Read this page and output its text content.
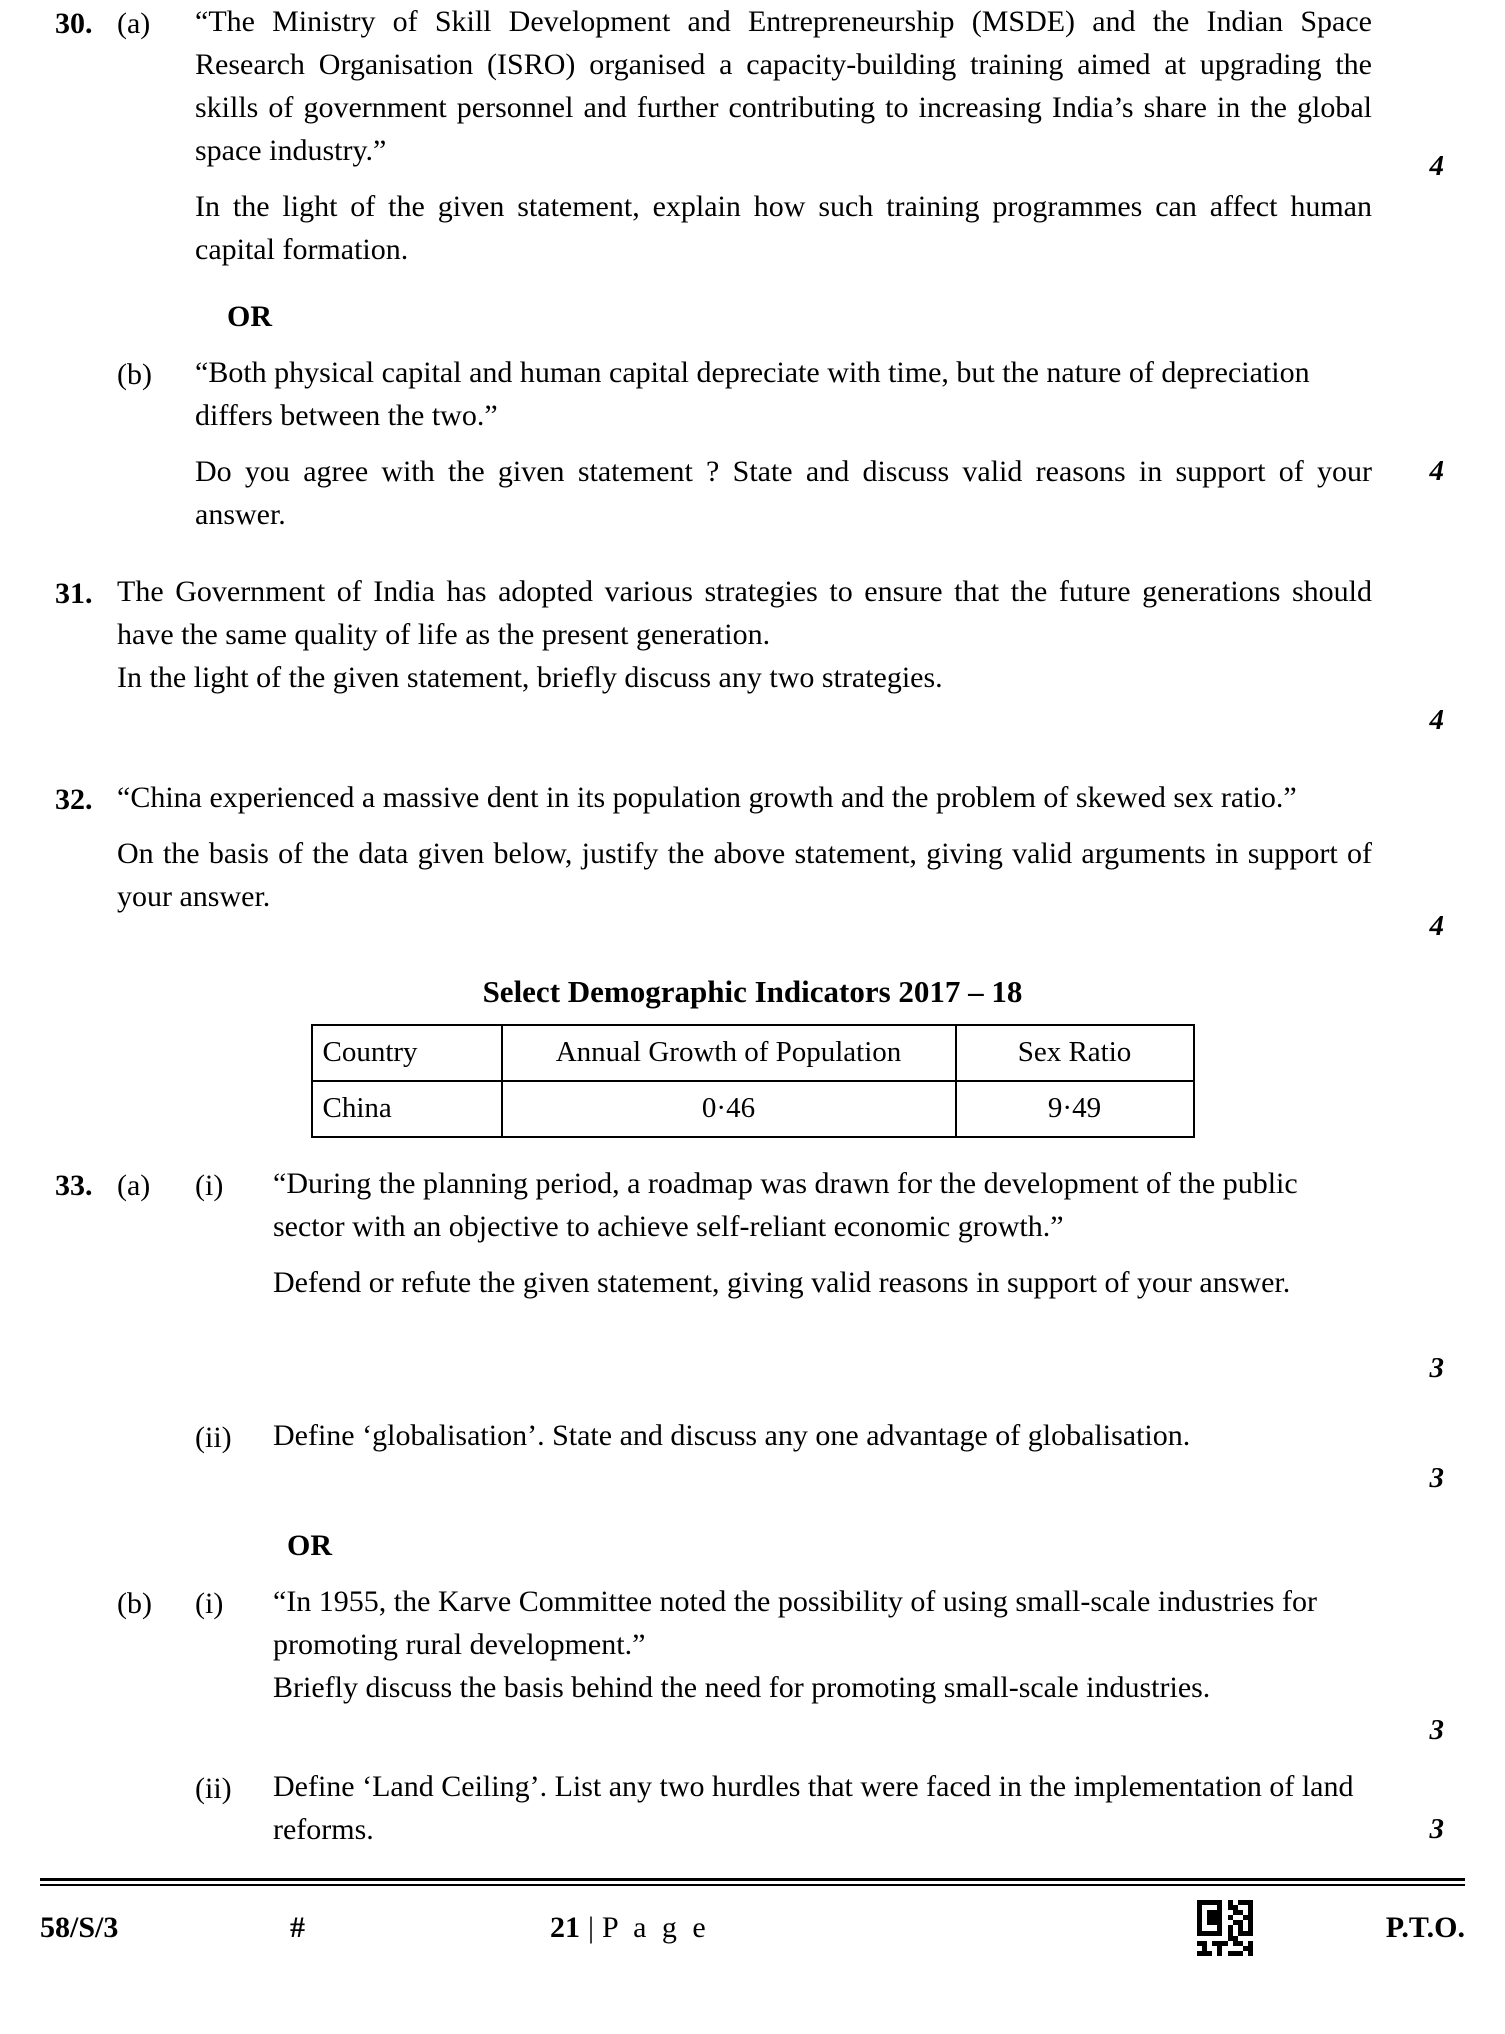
30. (a)	“The Ministry of Skill Development and Entrepreneurship (MSDE) and the Indian Space Research Organisation (ISRO) organised a capacity-building training aimed at upgrading the skills of government personnel and further contributing to increasing India’s share in the global space industry.”

In the light of the given statement, explain how such training programmes can affect human capital formation.

4
OR
(b)	“Both physical capital and human capital depreciate with time, but the nature of depreciation differs between the two.”

Do you agree with the given statement ? State and discuss valid reasons in support of your answer.

4
31. The Government of India has adopted various strategies to ensure that the future generations should have the same quality of life as the present generation.

In the light of the given statement, briefly discuss any two strategies.

4
32. “China experienced a massive dent in its population growth and the problem of skewed sex ratio.”

On the basis of the data given below, justify the above statement, giving valid arguments in support of your answer.

4

Select Demographic Indicators 2017 – 18

Country	Annual Growth of Population	Sex Ratio
China	0·46	9·49
33. (a)	(i)	“During the planning period, a roadmap was drawn for the development of the public sector with an objective to achieve self-reliant economic growth.”

Defend or refute the given statement, giving valid reasons in support of your answer.

3
(ii)	Define ‘globalisation’. State and discuss any one advantage of globalisation.

3
OR
(b)	(i)	“In 1955, the Karve Committee noted the possibility of using small-scale industries for promoting rural development.”

Briefly discuss the basis behind the need for promoting small-scale industries.

3
(ii)	Define ‘Land Ceiling’. List any two hurdles that were faced in the implementation of land reforms.	3
58/S/3	#	21 | P a g e	P.T.O.
